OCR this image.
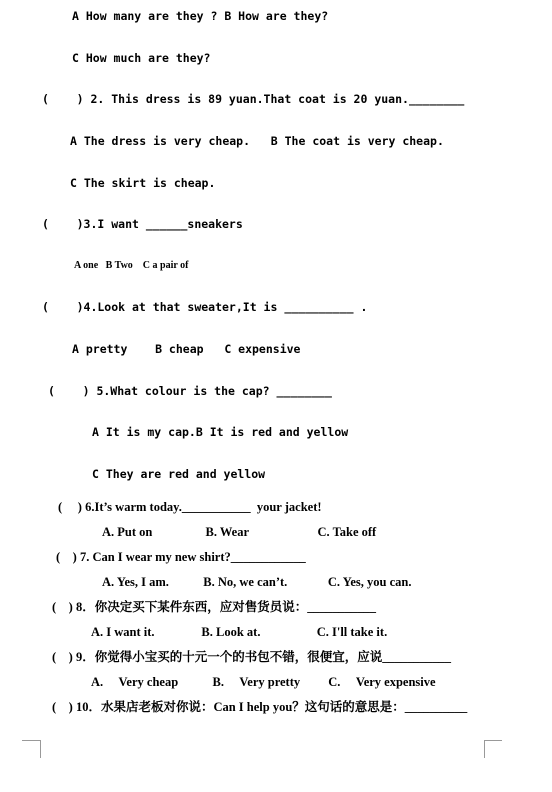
A How many are they ? B How are they?
C How much are they?
(    ) 2. This dress is 89 yuan.That coat is 20 yuan.________
A The dress is very cheap.   B The coat is very cheap.
C The skirt is cheap.
(    )3.I want ______sneakers
A one   B Two    C a pair of
(    )4.Look at that sweater,It is __________ .
A pretty    B cheap   C expensive
(    ) 5.What colour is the cap? ________
A It is my cap.B It is red and yellow
C They are red and yellow
(     ) 6.It’s warm today.___________  your jacket!
A. Put on                 B. Wear                      C. Take off
(    ) 7. Can I wear my new shirt?____________
A. Yes, I am.           B. No, we can’t.             C. Yes, you can.
(    ) 8．你决定买下某件东西，应对售货员说：___________
A. I want it.               B. Look at.                  C. I'll take it.
(    ) 9．你觉得小宝买的十元一个的书包不错，很便宜，应说___________
A.     Very cheap           B.     Very pretty         C.     Very expensive
(    ) 10．水果店老板对你说：Can I help you？这句话的意思是：__________
